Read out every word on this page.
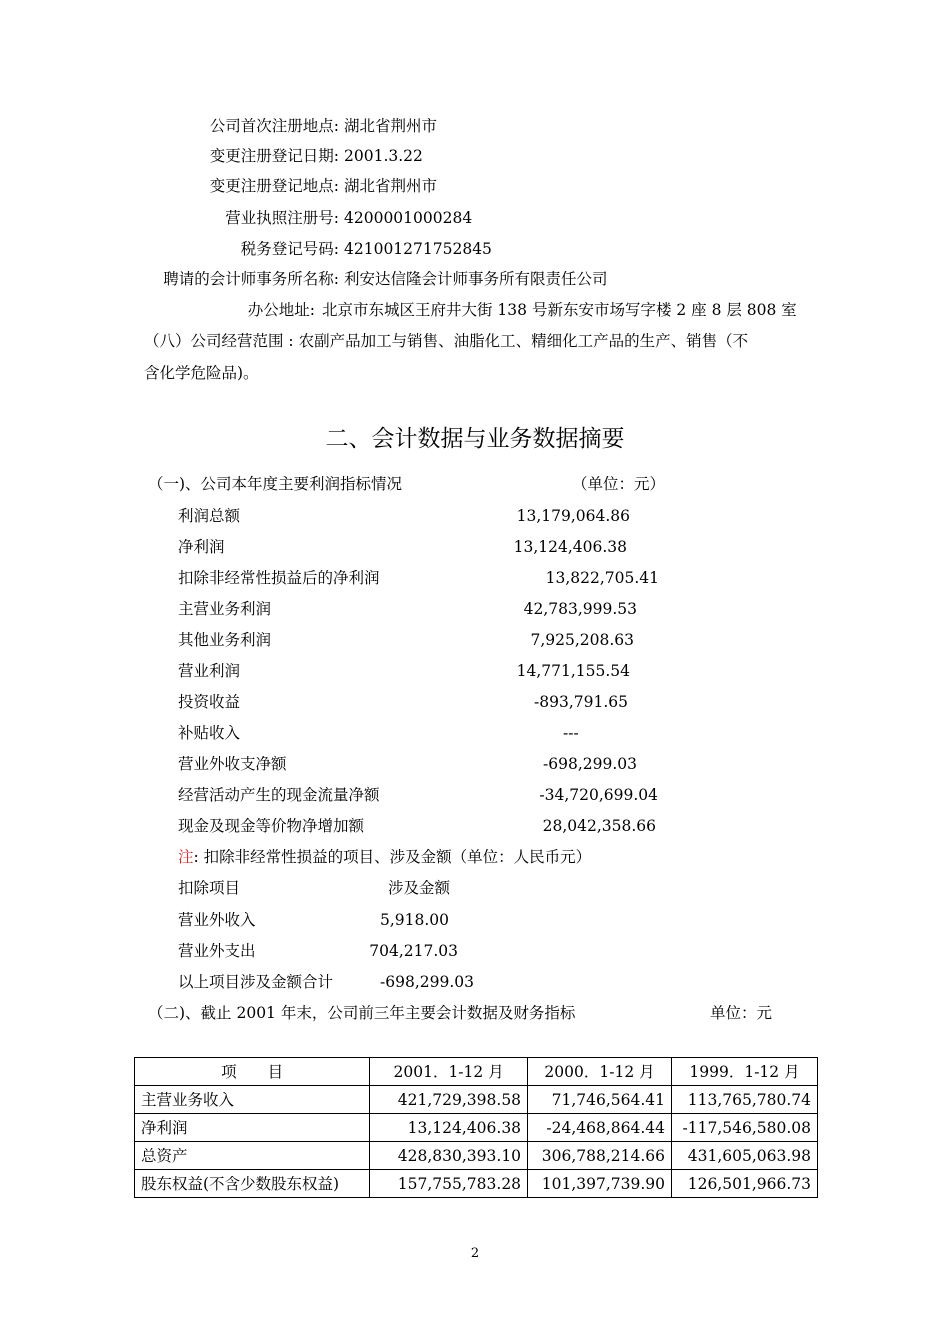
公司首次注册地点: 湖北省荆州市
变更注册登记日期: 2001.3.22
变更注册登记地点: 湖北省荆州市
营业执照注册号: 4200001000284
税务登记号码: 421001271752845
聘请的会计师事务所名称: 利安达信隆会计师事务所有限责任公司
办公地址: 北京市东城区王府井大街 138 号新东安市场写字楼 2 座 8 层 808 室
（八）公司经营范围 : 农副产品加工与销售、油脂化工、精细化工产品的生产、销售（不
含化学危险品)。
二、会计数据与业务数据摘要
（一)、公司本年度主要利润指标情况	（单位：元）
利润总额	13,179,064.86
净利润	13,124,406.38
扣除非经常性损益后的净利润	13,822,705.41
主营业务利润	42,783,999.53
其他业务利润	7,925,208.63
营业利润	14,771,155.54
投资收益	-893,791.65
补贴收入	---
营业外收支净额	-698,299.03
经营活动产生的现金流量净额	-34,720,699.04
现金及现金等价物净增加额	28,042,358.66
注: 扣除非经常性损益的项目、涉及金额（单位：人民币元）
扣除项目	涉及金额
营业外收入	5,918.00
营业外支出	704,217.03
以上项目涉及金额合计	-698,299.03
（二)、截止 2001 年末，公司前三年主要会计数据及财务指标	单位：元
项　　目	2001．1-12 月	2000．1-12 月	1999．1-12 月
主营业务收入	421,729,398.58	71,746,564.41	113,765,780.74
净利润	13,124,406.38	-24,468,864.44	-117,546,580.08
总资产	428,830,393.10	306,788,214.66	431,605,063.98
股东权益(不含少数股东权益)	157,755,783.28	101,397,739.90	126,501,966.73
2
